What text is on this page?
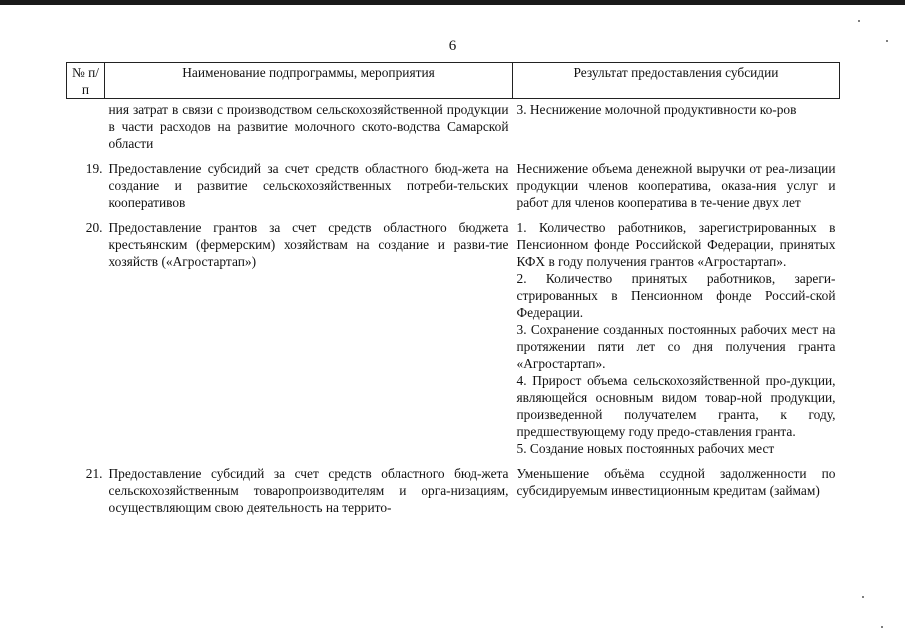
6
№ п/п	Наименование подпрограммы, мероприятия	Результат предоставления субсидии
	ния затрат в связи с производством сельскохозяйственной продукции в части расходов на развитие молочного ското-водства Самарской области	3. Неснижение молочной продуктивности ко-ров

19.	Предоставление субсидий за счет средств областного бюд-жета на создание и развитие сельскохозяйственных потреби-тельских кооперативов	Неснижение объема денежной выручки от реа-лизации продукции членов кооператива, оказа-ния услуг и работ для членов кооператива в те-чение двух лет

20.	Предоставление грантов за счет средств областного бюджета крестьянским (фермерским) хозяйствам на создание и разви-тие хозяйств («Агростартап»)	1. Количество работников, зарегистрированных в Пенсионном фонде Российской Федерации, принятых КФХ в году получения грантов «Агростартап».
2. Количество принятых работников, зареги-стрированных в Пенсионном фонде Россий-ской Федерации.
3. Сохранение созданных постоянных рабочих мест на протяжении пяти лет со дня получения гранта «Агростартап».
4. Прирост объема сельскохозяйственной про-дукции, являющейся основным видом товар-ной продукции, произведенной получателем гранта, к году, предшествующему году предо-ставления гранта.
5. Создание новых постоянных рабочих мест

21.	Предоставление субсидий за счет средств областного бюд-жета сельскохозяйственным товаропроизводителям и орга-низациям, осуществляющим свою деятельность на террито-	Уменьшение объёма ссудной задолженности по субсидируемым инвестиционным кредитам (займам)
